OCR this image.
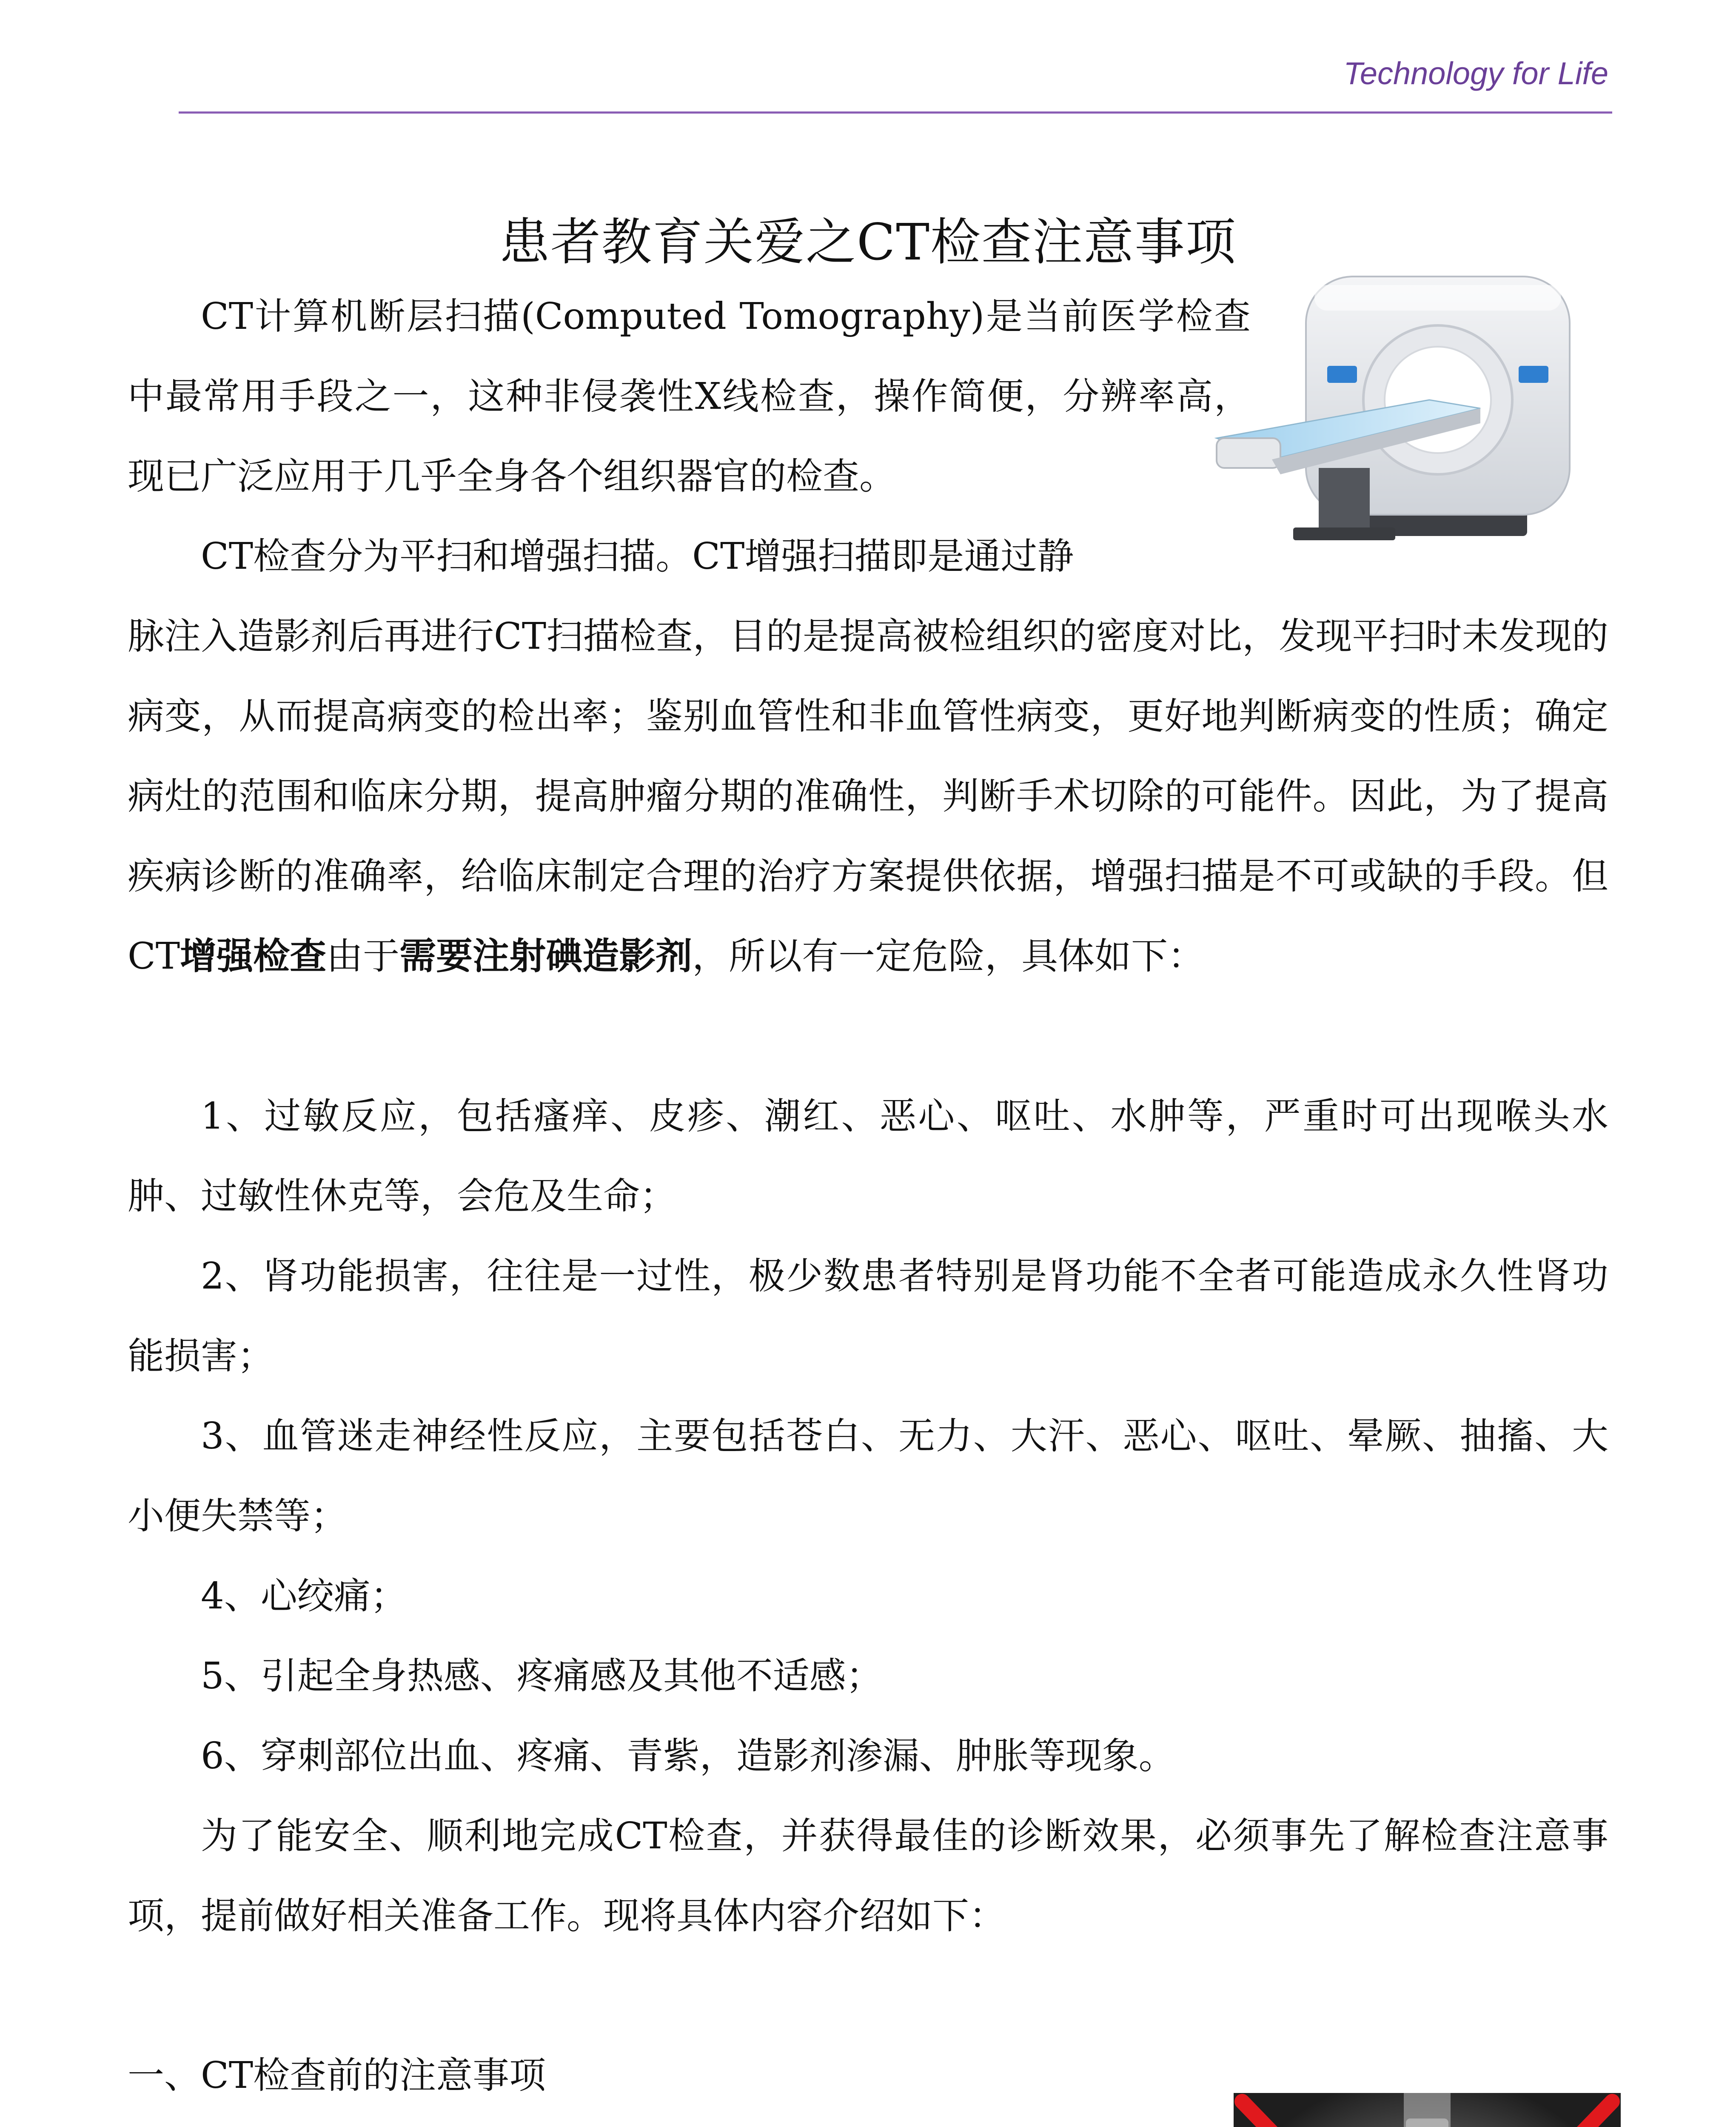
Technology for Life
患者教育关爱之CT检查注意事项

CT计算机断层扫描(Computed Tomography)是当前医学检查中最常用手段之一，这种非侵袭性X线检查，操作简便，分辨率高，现已广泛应用于几乎全身各个组织器官的检查。

CT检查分为平扫和增强扫描。CT增强扫描即是通过静

脉注入造影剂后再进行CT扫描检查，目的是提高被检组织的密度对比，发现平扫时未发现的病变，从而提高病变的检出率；鉴别血管性和非血管性病变，更好地判断病变的性质；确定病灶的范围和临床分期，提高肿瘤分期的准确性，判断手术切除的可能件。因此，为了提高疾病诊断的准确率，给临床制定合理的治疗方案提供依据，增强扫描是不可或缺的手段。但CT增强检查由于需要注射碘造影剂，所以有一定危险，具体如下：

1、过敏反应，包括瘙痒、皮疹、潮红、恶心、呕吐、水肿等，严重时可出现喉头水肿、过敏性休克等，会危及生命；

2、肾功能损害，往往是一过性，极少数患者特别是肾功能不全者可能造成永久性肾功能损害；

3、血管迷走神经性反应，主要包括苍白、无力、大汗、恶心、呕吐、晕厥、抽搐、大小便失禁等；

4、心绞痛；

5、引起全身热感、疼痛感及其他不适感；

6、穿刺部位出血、疼痛、青紫，造影剂渗漏、肿胀等现象。

为了能安全、顺利地完成CT检查，并获得最佳的诊断效果，必须事先了解检查注意事项，提前做好相关准备工作。现将具体内容介绍如下：

一、CT检查前的注意事项
